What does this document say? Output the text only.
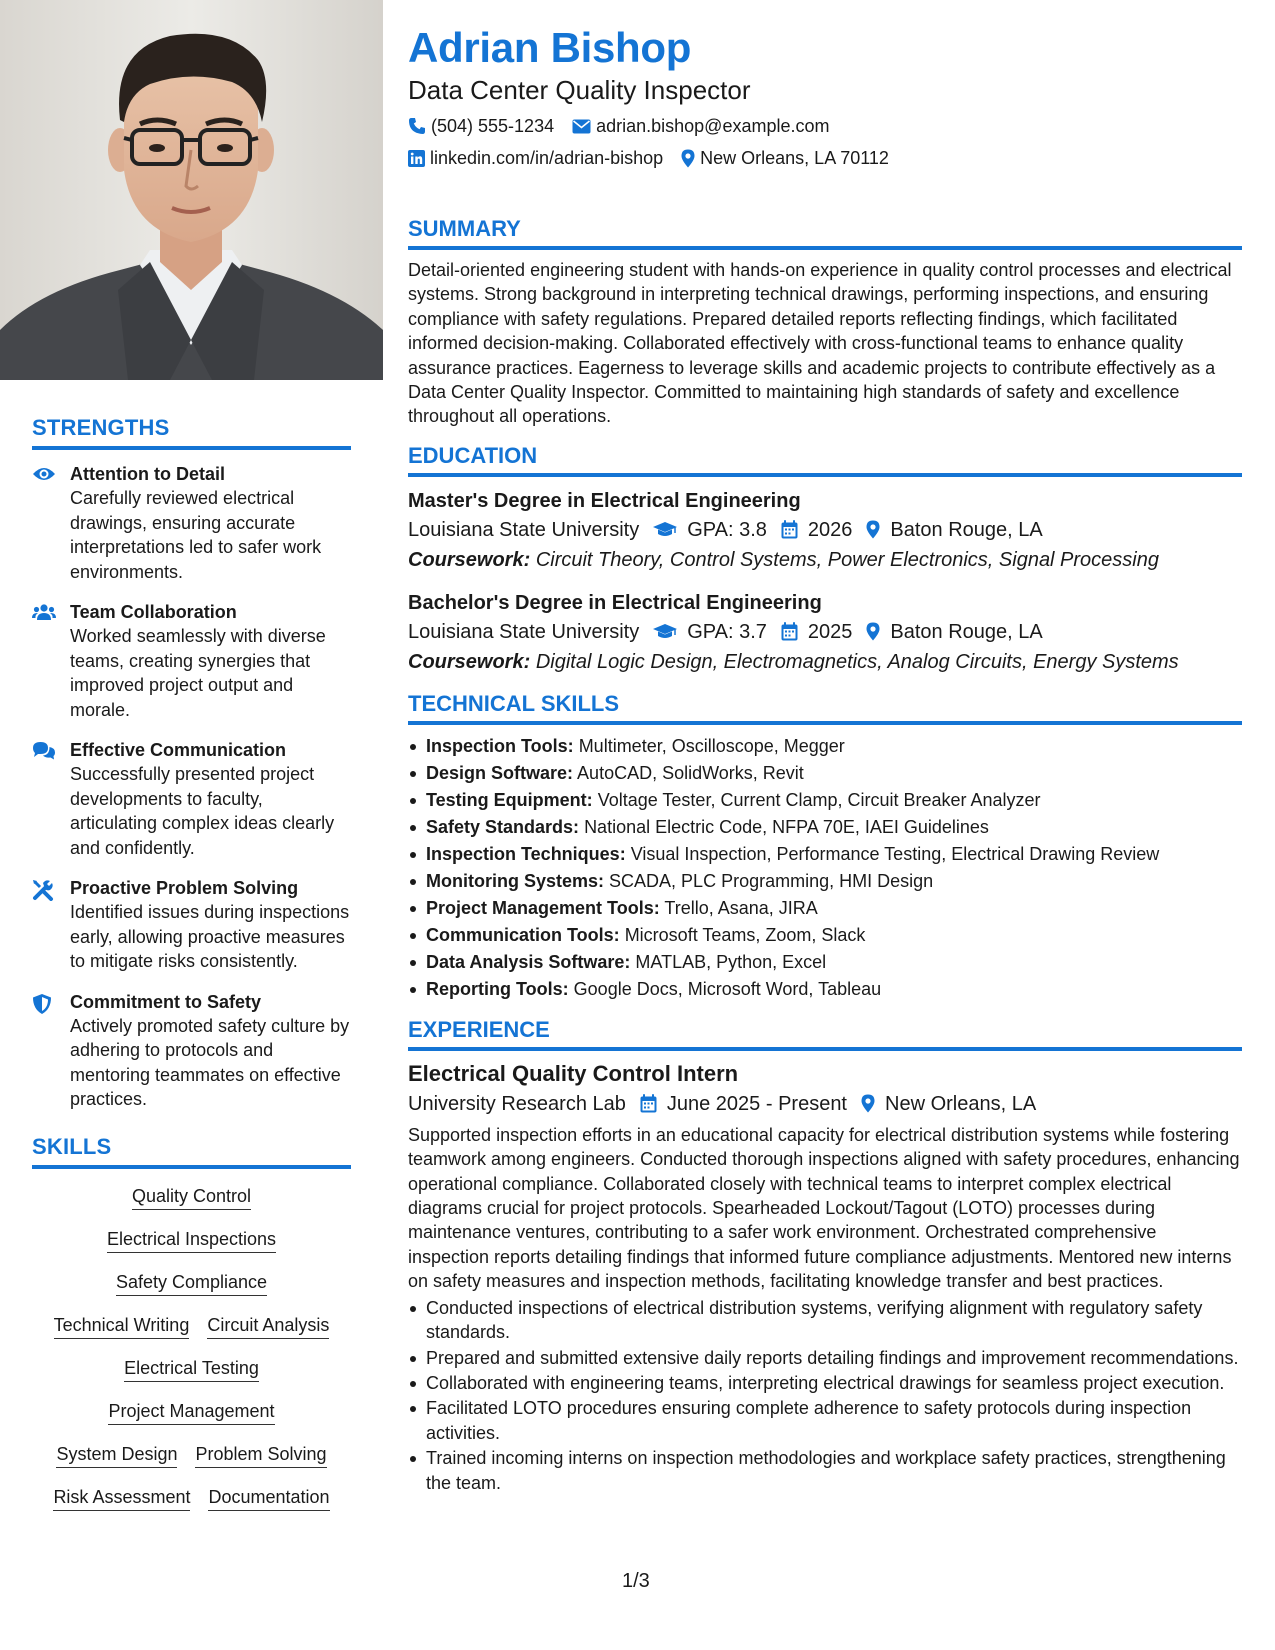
STRENGTHS
Attention to Detail
Carefully reviewed electrical drawings, ensuring accurate interpretations led to safer work environments.
Team Collaboration
Worked seamlessly with diverse teams, creating synergies that improved project output and morale.
Effective Communication
Successfully presented project developments to faculty, articulating complex ideas clearly and confidently.
Proactive Problem Solving
Identified issues during inspections early, allowing proactive measures to mitigate risks consistently.
Commitment to Safety
Actively promoted safety culture by adhering to protocols and mentoring teammates on effective practices.
SKILLS
Quality Control
Electrical Inspections
Safety Compliance
Technical Writing Circuit Analysis
Electrical Testing
Project Management
System Design Problem Solving
Risk Assessment Documentation
Adrian Bishop
Data Center Quality Inspector
(504) 555-1234 adrian.bishop@example.com
linkedin.com/in/adrian-bishop New Orleans, LA 70112
SUMMARY
Detail-oriented engineering student with hands-on experience in quality control processes and electrical systems. Strong background in interpreting technical drawings, performing inspections, and ensuring compliance with safety regulations. Prepared detailed reports reflecting findings, which facilitated informed decision-making. Collaborated effectively with cross-functional teams to enhance quality assurance practices. Eagerness to leverage skills and academic projects to contribute effectively as a Data Center Quality Inspector. Committed to maintaining high standards of safety and excellence throughout all operations.
EDUCATION
Master's Degree in Electrical Engineering
Louisiana State University GPA: 3.8 2026 Baton Rouge, LA
Coursework: Circuit Theory, Control Systems, Power Electronics, Signal Processing
Bachelor's Degree in Electrical Engineering
Louisiana State University GPA: 3.7 2025 Baton Rouge, LA
Coursework: Digital Logic Design, Electromagnetics, Analog Circuits, Energy Systems
TECHNICAL SKILLS
Inspection Tools: Multimeter, Oscilloscope, Megger
Design Software: AutoCAD, SolidWorks, Revit
Testing Equipment: Voltage Tester, Current Clamp, Circuit Breaker Analyzer
Safety Standards: National Electric Code, NFPA 70E, IAEI Guidelines
Inspection Techniques: Visual Inspection, Performance Testing, Electrical Drawing Review
Monitoring Systems: SCADA, PLC Programming, HMI Design
Project Management Tools: Trello, Asana, JIRA
Communication Tools: Microsoft Teams, Zoom, Slack
Data Analysis Software: MATLAB, Python, Excel
Reporting Tools: Google Docs, Microsoft Word, Tableau
EXPERIENCE
Electrical Quality Control Intern
University Research Lab June 2025 - Present New Orleans, LA
Supported inspection efforts in an educational capacity for electrical distribution systems while fostering teamwork among engineers. Conducted thorough inspections aligned with safety procedures, enhancing operational compliance. Collaborated closely with technical teams to interpret complex electrical diagrams crucial for project protocols. Spearheaded Lockout/Tagout (LOTO) processes during maintenance ventures, contributing to a safer work environment. Orchestrated comprehensive inspection reports detailing findings that informed future compliance adjustments. Mentored new interns on safety measures and inspection methods, facilitating knowledge transfer and best practices.
Conducted inspections of electrical distribution systems, verifying alignment with regulatory safety standards.
Prepared and submitted extensive daily reports detailing findings and improvement recommendations.
Collaborated with engineering teams, interpreting electrical drawings for seamless project execution.
Facilitated LOTO procedures ensuring complete adherence to safety protocols during inspection activities.
Trained incoming interns on inspection methodologies and workplace safety practices, strengthening the team.
1/3
